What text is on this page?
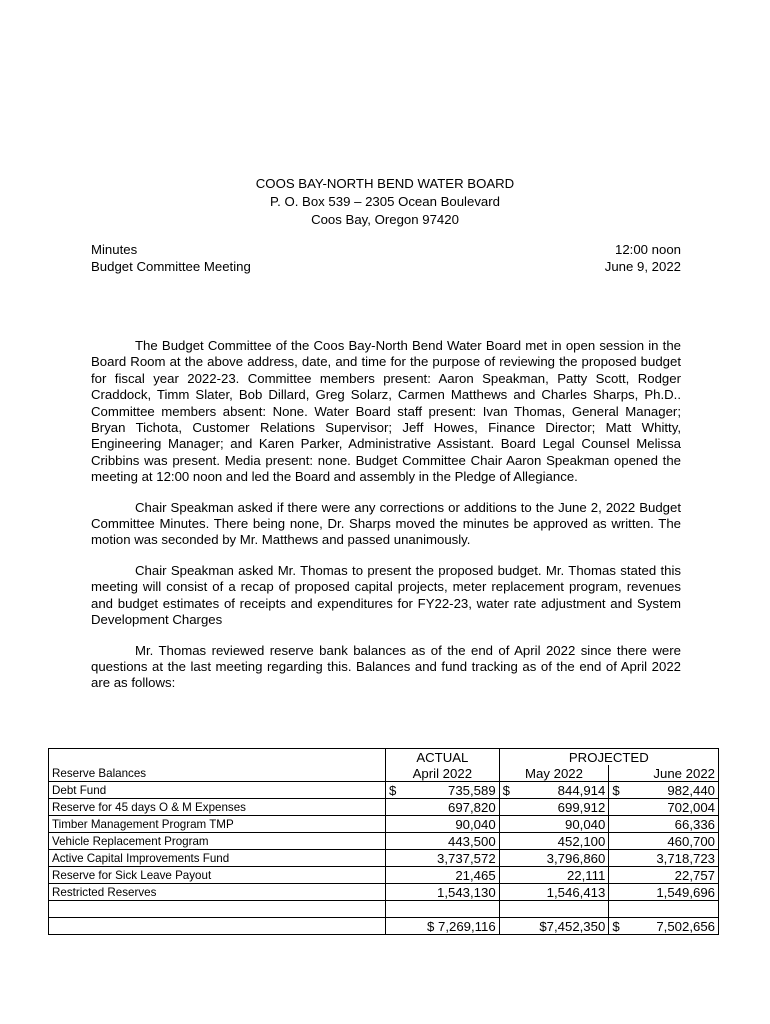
COOS BAY-NORTH BEND WATER BOARD
P. O. Box 539 – 2305 Ocean Boulevard
Coos Bay, Oregon 97420
Minutes
Budget Committee Meeting
12:00 noon
June 9, 2022

The Budget Committee of the Coos Bay-North Bend Water Board met in open session in the Board Room at the above address, date, and time for the purpose of reviewing the proposed budget for fiscal year 2022-23. Committee members present: Aaron Speakman, Patty Scott, Rodger Craddock, Timm Slater, Bob Dillard, Greg Solarz, Carmen Matthews and Charles Sharps, Ph.D.. Committee members absent: None. Water Board staff present: Ivan Thomas, General Manager; Bryan Tichota, Customer Relations Supervisor; Jeff Howes, Finance Director; Matt Whitty, Engineering Manager; and Karen Parker, Administrative Assistant. Board Legal Counsel Melissa Cribbins was present. Media present: none. Budget Committee Chair Aaron Speakman opened the meeting at 12:00 noon and led the Board and assembly in the Pledge of Allegiance.

Chair Speakman asked if there were any corrections or additions to the June 2, 2022 Budget Committee Minutes. There being none, Dr. Sharps moved the minutes be approved as written. The motion was seconded by Mr. Matthews and passed unanimously.

Chair Speakman asked Mr. Thomas to present the proposed budget. Mr. Thomas stated this meeting will consist of a recap of proposed capital projects, meter replacement program, revenues and budget estimates of receipts and expenditures for FY22-23, water rate adjustment and System Development Charges

Mr. Thomas reviewed reserve bank balances as of the end of April 2022 since there were questions at the last meeting regarding this. Balances and fund tracking as of the end of April 2022 are as follows:

	ACTUAL	PROJECTED	
Reserve Balances	April 2022	May 2022	June 2022
Debt Fund	$ 735,589	$ 844,914	$ 982,440
Reserve for 45 days O & M Expenses	697,820	699,912	702,004
Timber Management Program TMP	90,040	90,040	66,336
Vehicle Replacement Program	443,500	452,100	460,700
Active Capital Improvements Fund	3,737,572	3,796,860	3,718,723
Reserve for Sick Leave Payout	21,465	22,111	22,757
Restricted Reserves	1,543,130	1,546,413	1,549,696

	$ 7,269,116	$7,452,350	$ 7,502,656
